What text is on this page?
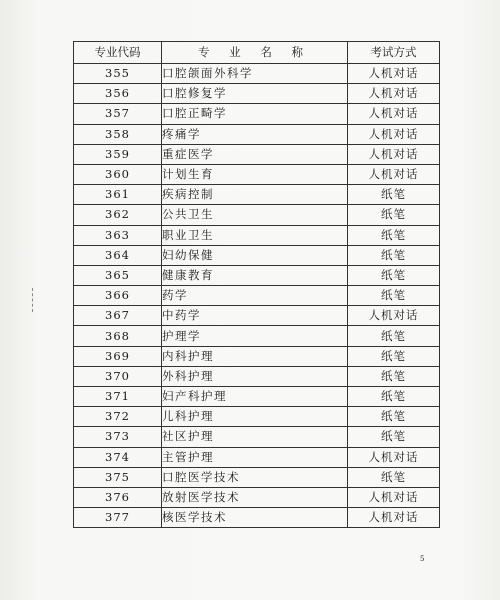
专业代码	专 业 名 称	考试方式
355	口腔颌面外科学	人机对话
356	口腔修复学	人机对话
357	口腔正畸学	人机对话
358	疼痛学	人机对话
359	重症医学	人机对话
360	计划生育	人机对话
361	疾病控制	纸笔
362	公共卫生	纸笔
363	职业卫生	纸笔
364	妇幼保健	纸笔
365	健康教育	纸笔
366	药学	纸笔
367	中药学	人机对话
368	护理学	纸笔
369	内科护理	纸笔
370	外科护理	纸笔
371	妇产科护理	纸笔
372	儿科护理	纸笔
373	社区护理	纸笔
374	主管护理	人机对话
375	口腔医学技术	纸笔
376	放射医学技术	人机对话
377	核医学技术	人机对话
5
